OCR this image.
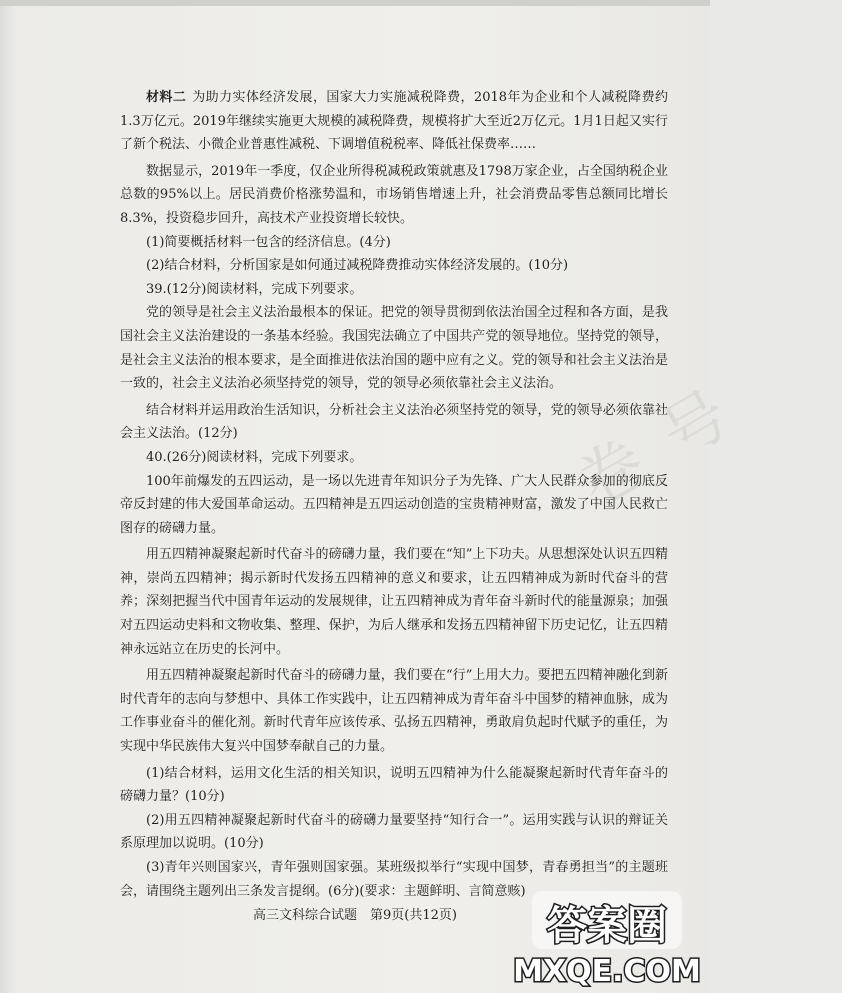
卷 号

材料二 为助力实体经济发展，国家大力实施减税降费，2018年为企业和个人减税降费约1.3万亿元。2019年继续实施更大规模的减税降费，规模将扩大至近2万亿元。1月1日起又实行了新个税法、小微企业普惠性减税、下调增值税税率、降低社保费率……

数据显示，2019年一季度，仅企业所得税减税政策就惠及1798万家企业，占全国纳税企业总数的95%以上。居民消费价格涨势温和，市场销售增速上升，社会消费品零售总额同比增长8.3%，投资稳步回升，高技术产业投资增长较快。

(1)简要概括材料一包含的经济信息。(4分)

(2)结合材料，分析国家是如何通过减税降费推动实体经济发展的。(10分)

39.(12分)阅读材料，完成下列要求。

党的领导是社会主义法治最根本的保证。把党的领导贯彻到依法治国全过程和各方面，是我国社会主义法治建设的一条基本经验。我国宪法确立了中国共产党的领导地位。坚持党的领导，是社会主义法治的根本要求，是全面推进依法治国的题中应有之义。党的领导和社会主义法治是一致的，社会主义法治必须坚持党的领导，党的领导必须依靠社会主义法治。

结合材料并运用政治生活知识，分析社会主义法治必须坚持党的领导，党的领导必须依靠社会主义法治。(12分)

40.(26分)阅读材料，完成下列要求。

100年前爆发的五四运动，是一场以先进青年知识分子为先锋、广大人民群众参加的彻底反帝反封建的伟大爱国革命运动。五四精神是五四运动创造的宝贵精神财富，激发了中国人民救亡图存的磅礴力量。

用五四精神凝聚起新时代奋斗的磅礴力量，我们要在“知”上下功夫。从思想深处认识五四精神，崇尚五四精神；揭示新时代发扬五四精神的意义和要求，让五四精神成为新时代奋斗的营养；深刻把握当代中国青年运动的发展规律，让五四精神成为青年奋斗新时代的能量源泉；加强对五四运动史料和文物收集、整理、保护，为后人继承和发扬五四精神留下历史记忆，让五四精神永远站立在历史的长河中。

用五四精神凝聚起新时代奋斗的磅礴力量，我们要在“行”上用大力。要把五四精神融化到新时代青年的志向与梦想中、具体工作实践中，让五四精神成为青年奋斗中国梦的精神血脉，成为工作事业奋斗的催化剂。新时代青年应该传承、弘扬五四精神，勇敢肩负起时代赋予的重任，为实现中华民族伟大复兴中国梦奉献自己的力量。

(1)结合材料，运用文化生活的相关知识，说明五四精神为什么能凝聚起新时代青年奋斗的磅礴力量？(10分)

(2)用五四精神凝聚起新时代奋斗的磅礴力量要坚持“知行合一”。运用实践与认识的辩证关系原理加以说明。(10分)

(3)青年兴则国家兴，青年强则国家强。某班级拟举行“实现中国梦，青春勇担当”的主题班会，请围绕主题列出三条发言提纲。(6分)(要求：主题鲜明、言简意赅)

高三文科综合试题　第9页(共12页)	答案圈
MXQE.COM
